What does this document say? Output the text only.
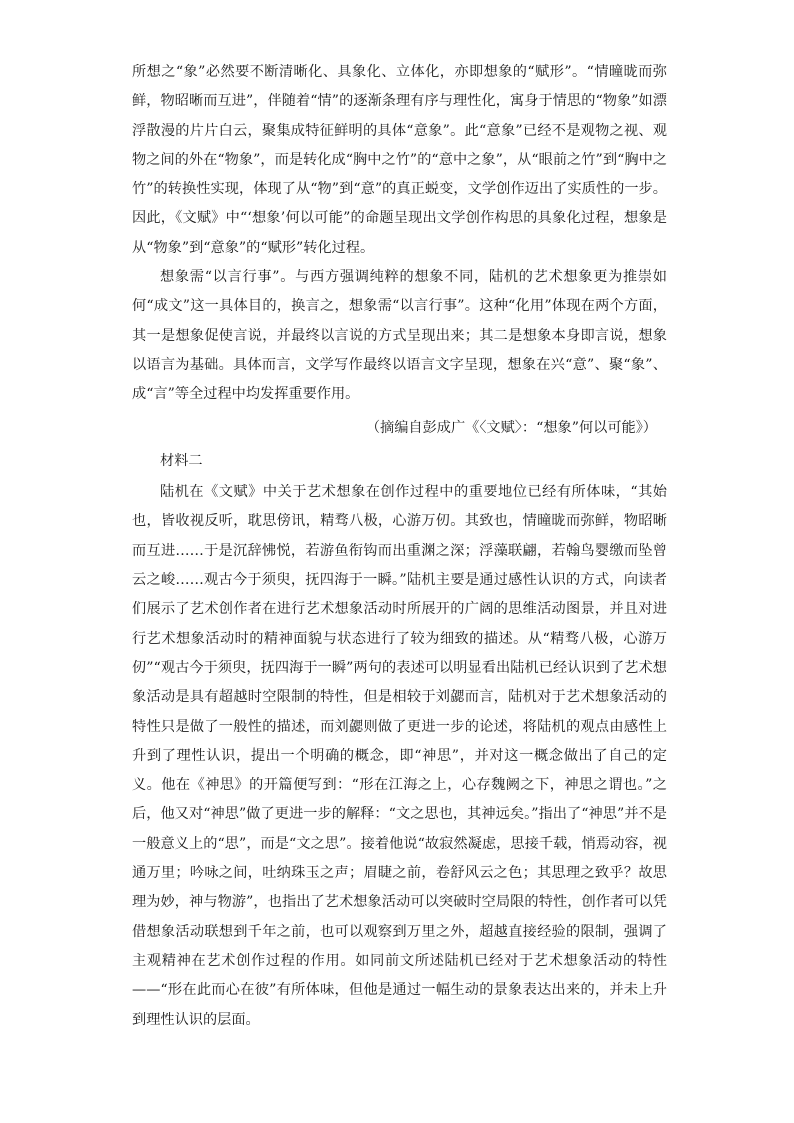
所想之“象”必然要不断清晰化、具象化、立体化，亦即想象的“赋形”。“情曈昽而弥鲜，物昭晰而互进”，伴随着“情”的逐渐条理有序与理性化，寓身于情思的“物象”如漂浮散漫的片片白云，聚集成特征鲜明的具体“意象”。此“意象”已经不是观物之视、观物之间的外在“物象”，而是转化成“胸中之竹”的“意中之象”，从“眼前之竹”到“胸中之竹”的转换性实现，体现了从“物”到“意”的真正蜕变，文学创作迈出了实质性的一步。因此，《文赋》中“‘想象’何以可能”的命题呈现出文学创作构思的具象化过程，想象是从“物象”到“意象”的“赋形”转化过程。

想象需“以言行事”。与西方强调纯粹的想象不同，陆机的艺术想象更为推崇如何“成文”这一具体目的，换言之，想象需“以言行事”。这种“化用”体现在两个方面，其一是想象促使言说，并最终以言说的方式呈现出来；其二是想象本身即言说，想象以语言为基础。具体而言，文学写作最终以语言文字呈现，想象在兴“意”、聚“象”、成“言”等全过程中均发挥重要作用。

（摘编自彭成广《〈文赋〉：“想象”何以可能》）

材料二

陆机在《文赋》中关于艺术想象在创作过程中的重要地位已经有所体味，“其始也，皆收视反听，耽思傍讯，精骛八极，心游万仞。其致也，情曈昽而弥鲜，物昭晰而互进……于是沉辞怫悦，若游鱼衔钩而出重渊之深；浮藻联翩，若翰鸟婴缴而坠曾云之峻……观古今于须臾，抚四海于一瞬。”陆机主要是通过感性认识的方式，向读者们展示了艺术创作者在进行艺术想象活动时所展开的广阔的思维活动图景，并且对进行艺术想象活动时的精神面貌与状态进行了较为细致的描述。从“精骛八极，心游万仞”“观古今于须臾，抚四海于一瞬”两句的表述可以明显看出陆机已经认识到了艺术想象活动是具有超越时空限制的特性，但是相较于刘勰而言，陆机对于艺术想象活动的特性只是做了一般性的描述，而刘勰则做了更进一步的论述，将陆机的观点由感性上升到了理性认识，提出一个明确的概念，即“神思”，并对这一概念做出了自己的定义。他在《神思》的开篇便写到：“形在江海之上，心存魏阙之下，神思之谓也。”之后，他又对“神思”做了更进一步的解释：“文之思也，其神远矣。”指出了“神思”并不是一般意义上的“思”，而是“文之思”。接着他说“故寂然凝虑，思接千载，悄焉动容，视通万里；吟咏之间，吐纳珠玉之声；眉睫之前，卷舒风云之色；其思理之致乎？故思理为妙，神与物游”，也指出了艺术想象活动可以突破时空局限的特性，创作者可以凭借想象活动联想到千年之前，也可以观察到万里之外，超越直接经验的限制，强调了主观精神在艺术创作过程的作用。如同前文所述陆机已经对于艺术想象活动的特性——“形在此而心在彼”有所体味，但他是通过一幅生动的景象表达出来的，并未上升到理性认识的层面。
